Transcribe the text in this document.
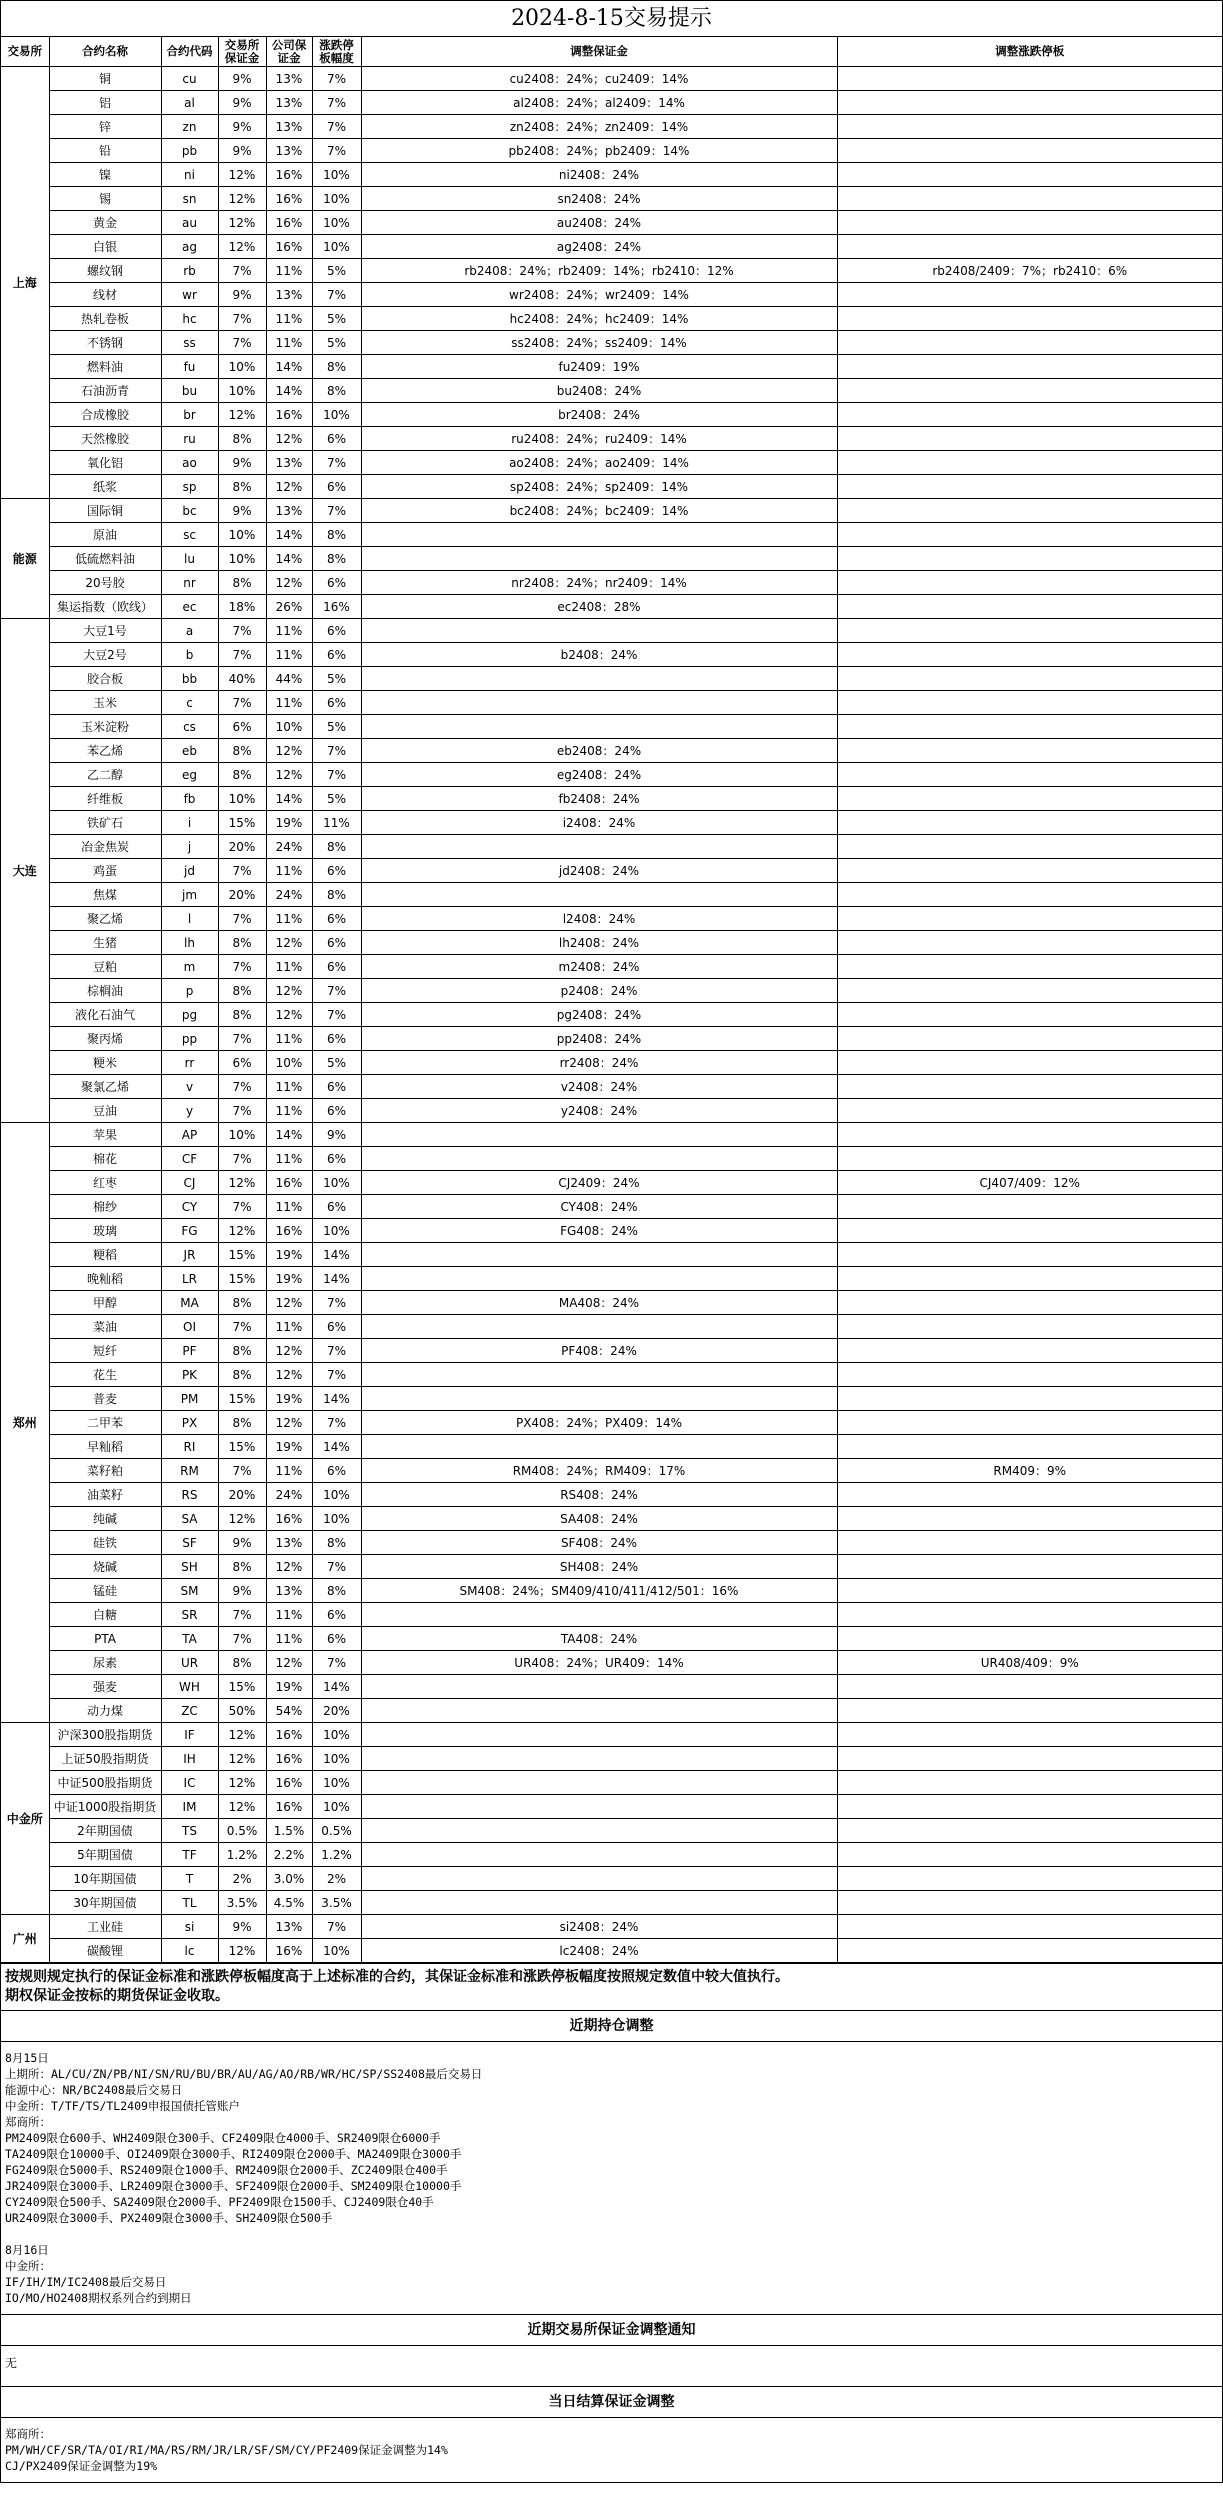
2024-8-15交易提示
交易所	合约名称	合约代码	交易所保证金	公司保证金	涨跌停板幅度	调整保证金	调整涨跌停板
上海	铜	cu	9%	13%	7%	cu2408：24%；cu2409：14%	
	铝	al	9%	13%	7%	al2408：24%；al2409：14%	
	锌	zn	9%	13%	7%	zn2408：24%；zn2409：14%	
	铅	pb	9%	13%	7%	pb2408：24%；pb2409：14%	
	镍	ni	12%	16%	10%	ni2408：24%	
	锡	sn	12%	16%	10%	sn2408：24%	
	黄金	au	12%	16%	10%	au2408：24%	
	白银	ag	12%	16%	10%	ag2408：24%	
	螺纹钢	rb	7%	11%	5%	rb2408：24%；rb2409：14%；rb2410：12%	rb2408/2409：7%；rb2410：6%
	线材	wr	9%	13%	7%	wr2408：24%；wr2409：14%	
	热轧卷板	hc	7%	11%	5%	hc2408：24%；hc2409：14%	
	不锈钢	ss	7%	11%	5%	ss2408：24%；ss2409：14%	
	燃料油	fu	10%	14%	8%	fu2409：19%	
	石油沥青	bu	10%	14%	8%	bu2408：24%	
	合成橡胶	br	12%	16%	10%	br2408：24%	
	天然橡胶	ru	8%	12%	6%	ru2408：24%；ru2409：14%	
	氧化铝	ao	9%	13%	7%	ao2408：24%；ao2409：14%	
	纸浆	sp	8%	12%	6%	sp2408：24%；sp2409：14%	
能源	国际铜	bc	9%	13%	7%	bc2408：24%；bc2409：14%	
	原油	sc	10%	14%	8%		
	低硫燃料油	lu	10%	14%	8%		
	20号胶	nr	8%	12%	6%	nr2408：24%；nr2409：14%	
	集运指数（欧线）	ec	18%	26%	16%	ec2408：28%	
大连	大豆1号	a	7%	11%	6%		
	大豆2号	b	7%	11%	6%	b2408：24%	
	胶合板	bb	40%	44%	5%		
	玉米	c	7%	11%	6%		
	玉米淀粉	cs	6%	10%	5%		
	苯乙烯	eb	8%	12%	7%	eb2408：24%	
	乙二醇	eg	8%	12%	7%	eg2408：24%	
	纤维板	fb	10%	14%	5%	fb2408：24%	
	铁矿石	i	15%	19%	11%	i2408：24%	
	冶金焦炭	j	20%	24%	8%		
	鸡蛋	jd	7%	11%	6%	jd2408：24%	
	焦煤	jm	20%	24%	8%		
	聚乙烯	l	7%	11%	6%	l2408：24%	
	生猪	lh	8%	12%	6%	lh2408：24%	
	豆粕	m	7%	11%	6%	m2408：24%	
	棕榈油	p	8%	12%	7%	p2408：24%	
	液化石油气	pg	8%	12%	7%	pg2408：24%	
	聚丙烯	pp	7%	11%	6%	pp2408：24%	
	粳米	rr	6%	10%	5%	rr2408：24%	
	聚氯乙烯	v	7%	11%	6%	v2408：24%	
	豆油	y	7%	11%	6%	y2408：24%	
郑州	苹果	AP	10%	14%	9%		
	棉花	CF	7%	11%	6%		
	红枣	CJ	12%	16%	10%	CJ2409：24%	CJ407/409：12%
	棉纱	CY	7%	11%	6%	CY408：24%	
	玻璃	FG	12%	16%	10%	FG408：24%	
	粳稻	JR	15%	19%	14%		
	晚籼稻	LR	15%	19%	14%		
	甲醇	MA	8%	12%	7%	MA408：24%	
	菜油	OI	7%	11%	6%		
	短纤	PF	8%	12%	7%	PF408：24%	
	花生	PK	8%	12%	7%		
	普麦	PM	15%	19%	14%		
	二甲苯	PX	8%	12%	7%	PX408：24%；PX409：14%	
	早籼稻	RI	15%	19%	14%		
	菜籽粕	RM	7%	11%	6%	RM408：24%；RM409：17%	RM409：9%
	油菜籽	RS	20%	24%	10%	RS408：24%	
	纯碱	SA	12%	16%	10%	SA408：24%	
	硅铁	SF	9%	13%	8%	SF408：24%	
	烧碱	SH	8%	12%	7%	SH408：24%	
	锰硅	SM	9%	13%	8%	SM408：24%；SM409/410/411/412/501：16%	
	白糖	SR	7%	11%	6%		
	PTA	TA	7%	11%	6%	TA408：24%	
	尿素	UR	8%	12%	7%	UR408：24%；UR409：14%	UR408/409：9%
	强麦	WH	15%	19%	14%		
	动力煤	ZC	50%	54%	20%		
中金所	沪深300股指期货	IF	12%	16%	10%		
	上证50股指期货	IH	12%	16%	10%		
	中证500股指期货	IC	12%	16%	10%		
	中证1000股指期货	IM	12%	16%	10%		
	2年期国债	TS	0.5%	1.5%	0.5%		
	5年期国债	TF	1.2%	2.2%	1.2%		
	10年期国债	T	2%	3.0%	2%		
	30年期国债	TL	3.5%	4.5%	3.5%		
广州	工业硅	si	9%	13%	7%	si2408：24%	
	碳酸锂	lc	12%	16%	10%	lc2408：24%	
按规则规定执行的保证金标准和涨跌停板幅度高于上述标准的合约，其保证金标准和涨跌停板幅度按照规定数值中较大值执行。
期权保证金按标的期货保证金收取。
近期持仓调整
8月15日
上期所：AL/CU/ZN/PB/NI/SN/RU/BU/BR/AU/AG/AO/RB/WR/HC/SP/SS2408最后交易日
能源中心：NR/BC2408最后交易日
中金所：T/TF/TS/TL2409申报国债托管账户
郑商所：
PM2409限仓600手、WH2409限仓300手、CF2409限仓4000手、SR2409限仓6000手
TA2409限仓10000手、OI2409限仓3000手、RI2409限仓2000手、MA2409限仓3000手
FG2409限仓5000手、RS2409限仓1000手、RM2409限仓2000手、ZC2409限仓400手
JR2409限仓3000手、LR2409限仓3000手、SF2409限仓2000手、SM2409限仓10000手
CY2409限仓500手、SA2409限仓2000手、PF2409限仓1500手、CJ2409限仓40手
UR2409限仓3000手、PX2409限仓3000手、SH2409限仓500手

8月16日
中金所：
IF/IH/IM/IC2408最后交易日
IO/MO/HO2408期权系列合约到期日
近期交易所保证金调整通知
无
当日结算保证金调整
郑商所：
PM/WH/CF/SR/TA/OI/RI/MA/RS/RM/JR/LR/SF/SM/CY/PF2409保证金调整为14%
CJ/PX2409保证金调整为19%
